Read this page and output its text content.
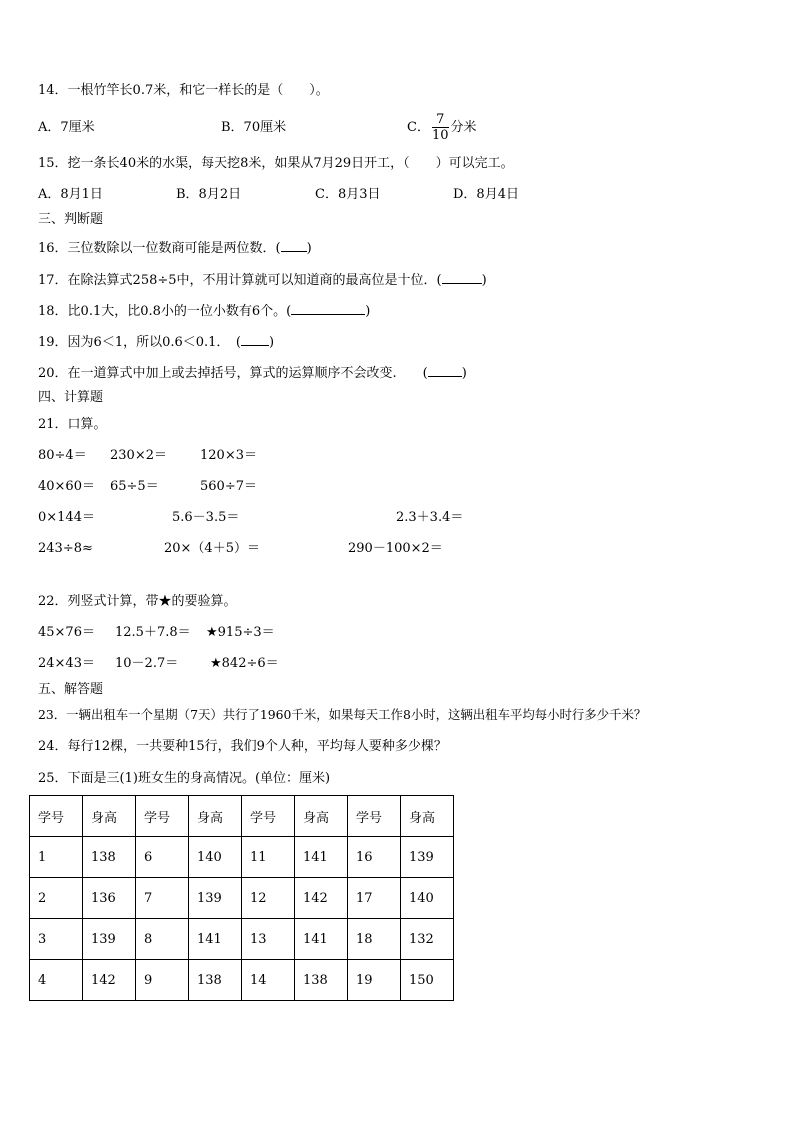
14．一根竹竿长0.7米，和它一样长的是（　　）。
A．7厘米	B．70厘米	C． $\frac{7}{10}$ 分米
15．挖一条长40米的水渠，每天挖8米，如果从7月29日开工，（　　）可以完工。
A．8月1日	B．8月2日	C．8月3日	D．8月4日
三、判断题
16．三位数除以一位数商可能是两位数．( )
17．在除法算式258÷5中，不用计算就可以知道商的最高位是十位．(	)
18．比0.1大，比0.8小的一位小数有6个。(	)
19．因为6＜1，所以0.6＜0.1．　( )
20．在一道算式中加上或去掉括号，算式的运算顺序不会改变.　　(	)
四、计算题
21．口算。
80÷4＝ 230×2＝	120×3＝
40×60＝ 65÷5＝	560÷7＝
0×144＝	5.6－3.5＝	2.3＋3.4＝
243÷8≈	20×（4＋5）＝	290－100×2＝
22．列竖式计算，带★的要验算。
45×76＝ 12.5＋7.8＝ ★915÷3＝
24×43＝ 10－2.7＝ ★842÷6＝
五、解答题
23．一辆出租车一个星期（7天）共行了1960千米，如果每天工作8小时，这辆出租车平均每小时行多少千米？
24．每行12棵，一共要种15行，我们9个人种，平均每人要种多少棵？
25．下面是三(1)班女生的身高情况。(单位：厘米)
学号	身高	学号	身高	学号	身高	学号	身高
1	138	6	140	11	141	16	139
2	136	7	139	12	142	17	140
3	139	8	141	13	141	18	132
4	142	9	138	14	138	19	150
